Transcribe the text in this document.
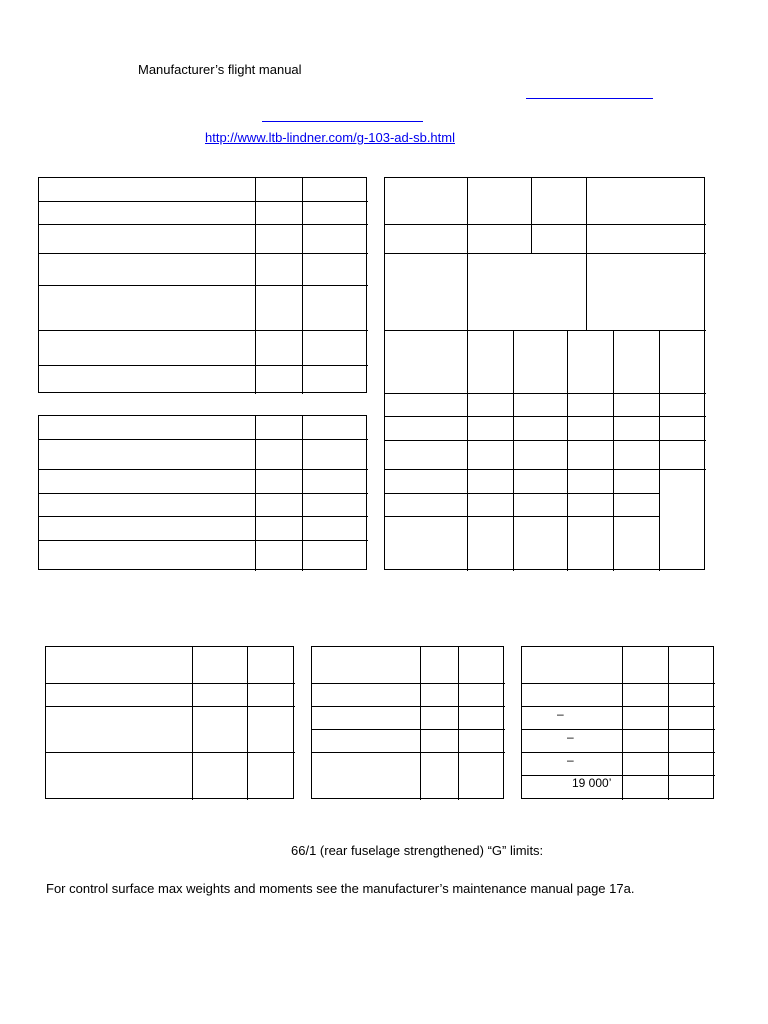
Manufacturer’s flight manual
http://www.ltb-lindner.com/g-103-ad-sb.html
–
–
–
19 000’
66/1 (rear fuselage strengthened) “G” limits:
For control surface max weights and moments see the manufacturer’s maintenance manual page 17a.
